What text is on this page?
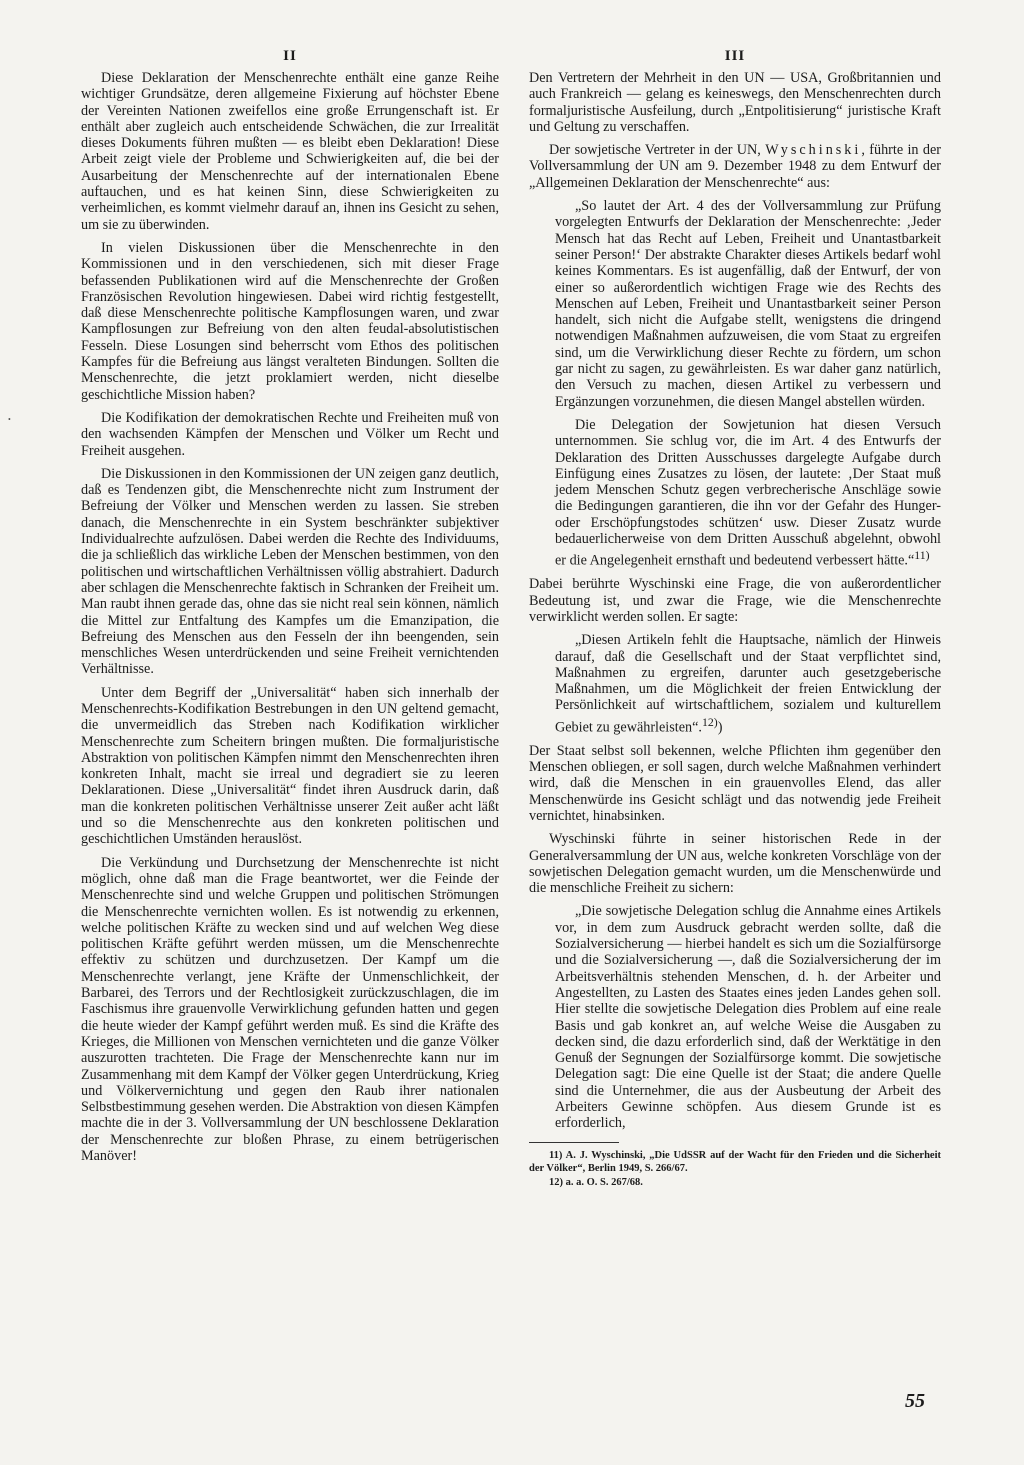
II

Diese Deklaration der Menschenrechte enthält eine ganze Reihe wichtiger Grundsätze, deren allgemeine Fixierung auf höchster Ebene der Vereinten Nationen zweifellos eine große Errungenschaft ist. Er enthält aber zugleich auch entscheidende Schwächen, die zur Irrealität dieses Dokuments führen mußten — es bleibt eben Deklaration! Diese Arbeit zeigt viele der Probleme und Schwierigkeiten auf, die bei der Ausarbeitung der Menschenrechte auf der internationalen Ebene auftauchen, und es hat keinen Sinn, diese Schwierigkeiten zu verheimlichen, es kommt vielmehr darauf an, ihnen ins Gesicht zu sehen, um sie zu überwinden.

In vielen Diskussionen über die Menschenrechte in den Kommissionen und in den verschiedenen, sich mit dieser Frage befassenden Publikationen wird auf die Menschenrechte der Großen Französischen Revolution hingewiesen. Dabei wird richtig festgestellt, daß diese Menschenrechte politische Kampflosungen waren, und zwar Kampflosungen zur Befreiung von den alten feudal-absolutistischen Fesseln. Diese Losungen sind beherrscht vom Ethos des politischen Kampfes für die Befreiung aus längst veralteten Bindungen. Sollten die Menschenrechte, die jetzt proklamiert werden, nicht dieselbe geschichtliche Mission haben?

Die Kodifikation der demokratischen Rechte und Freiheiten muß von den wachsenden Kämpfen der Menschen und Völker um Recht und Freiheit ausgehen.

Die Diskussionen in den Kommissionen der UN zeigen ganz deutlich, daß es Tendenzen gibt, die Menschenrechte nicht zum Instrument der Befreiung der Völker und Menschen werden zu lassen. Sie streben danach, die Menschenrechte in ein System beschränkter subjektiver Individualrechte aufzulösen. Dabei werden die Rechte des Individuums, die ja schließlich das wirkliche Leben der Menschen bestimmen, von den politischen und wirtschaftlichen Verhältnissen völlig abstrahiert. Dadurch aber schlagen die Menschenrechte faktisch in Schranken der Freiheit um. Man raubt ihnen gerade das, ohne das sie nicht real sein können, nämlich die Mittel zur Entfaltung des Kampfes um die Emanzipation, die Befreiung des Menschen aus den Fesseln der ihn beengenden, sein menschliches Wesen unterdrückenden und seine Freiheit vernichtenden Verhältnisse.

Unter dem Begriff der „Universalität“ haben sich innerhalb der Menschenrechts-Kodifikation Bestrebungen in den UN geltend gemacht, die unvermeidlich das Streben nach Kodifikation wirklicher Menschenrechte zum Scheitern bringen mußten. Die formaljuristische Abstraktion von politischen Kämpfen nimmt den Menschenrechten ihren konkreten Inhalt, macht sie irreal und degradiert sie zu leeren Deklarationen. Diese „Universalität“ findet ihren Ausdruck darin, daß man die konkreten politischen Verhältnisse unserer Zeit außer acht läßt und so die Menschenrechte aus den konkreten politischen und geschichtlichen Umständen herauslöst.

Die Verkündung und Durchsetzung der Menschenrechte ist nicht möglich, ohne daß man die Frage beantwortet, wer die Feinde der Menschenrechte sind und welche Gruppen und politischen Strömungen die Menschenrechte vernichten wollen. Es ist notwendig zu erkennen, welche politischen Kräfte zu wecken sind und auf welchen Weg diese politischen Kräfte geführt werden müssen, um die Menschenrechte effektiv zu schützen und durchzusetzen. Der Kampf um die Menschenrechte verlangt, jene Kräfte der Unmenschlichkeit, der Barbarei, des Terrors und der Rechtlosigkeit zurückzuschlagen, die im Faschismus ihre grauenvolle Verwirklichung gefunden hatten und gegen die heute wieder der Kampf geführt werden muß. Es sind die Kräfte des Krieges, die Millionen von Menschen vernichteten und die ganze Völker auszurotten trachteten. Die Frage der Menschenrechte kann nur im Zusammenhang mit dem Kampf der Völker gegen Unterdrückung, Krieg und Völkervernichtung und gegen den Raub ihrer nationalen Selbstbestimmung gesehen werden. Die Abstraktion von diesen Kämpfen machte die in der 3. Vollversammlung der UN beschlossene Deklaration der Menschenrechte zur bloßen Phrase, zu einem betrügerischen Manöver!

III

Den Vertretern der Mehrheit in den UN — USA, Großbritannien und auch Frankreich — gelang es keineswegs, den Menschenrechten durch formaljuristische Ausfeilung, durch „Entpolitisierung“ juristische Kraft und Geltung zu verschaffen.

Der sowjetische Vertreter in der UN, Wyschinski, führte in der Vollversammlung der UN am 9. Dezember 1948 zu dem Entwurf der „Allgemeinen Deklaration der Menschenrechte“ aus:

„So lautet der Art. 4 des der Vollversammlung zur Prüfung vorgelegten Entwurfs der Deklaration der Menschenrechte: ‚Jeder Mensch hat das Recht auf Leben, Freiheit und Unantastbarkeit seiner Person!‘ Der abstrakte Charakter dieses Artikels bedarf wohl keines Kommentars. Es ist augenfällig, daß der Entwurf, der von einer so außerordentlich wichtigen Frage wie des Rechts des Menschen auf Leben, Freiheit und Unantastbarkeit seiner Person handelt, sich nicht die Aufgabe stellt, wenigstens die dringend notwendigen Maßnahmen aufzuweisen, die vom Staat zu ergreifen sind, um die Verwirklichung dieser Rechte zu fördern, um schon gar nicht zu sagen, zu gewährleisten. Es war daher ganz natürlich, den Versuch zu machen, diesen Artikel zu verbessern und Ergänzungen vorzunehmen, die diesen Mangel abstellen würden.

Die Delegation der Sowjetunion hat diesen Versuch unternommen. Sie schlug vor, die im Art. 4 des Entwurfs der Deklaration des Dritten Ausschusses dargelegte Aufgabe durch Einfügung eines Zusatzes zu lösen, der lautete: ‚Der Staat muß jedem Menschen Schutz gegen verbrecherische Anschläge sowie die Bedingungen garantieren, die ihn vor der Gefahr des Hunger- oder Erschöpfungstodes schützen‘ usw. Dieser Zusatz wurde bedauerlicherweise von dem Dritten Ausschuß abgelehnt, obwohl er die Angelegenheit ernsthaft und bedeutend verbessert hätte.“$^{11)}$

Dabei berührte Wyschinski eine Frage, die von außerordentlicher Bedeutung ist, und zwar die Frage, wie die Menschenrechte verwirklicht werden sollen. Er sagte:

„Diesen Artikeln fehlt die Hauptsache, nämlich der Hinweis darauf, daß die Gesellschaft und der Staat verpflichtet sind, Maßnahmen zu ergreifen, darunter auch gesetzgeberische Maßnahmen, um die Möglichkeit der freien Entwicklung der Persönlichkeit auf wirtschaftlichem, sozialem und kulturellem Gebiet zu gewährleisten“.$^{12)}$)

Der Staat selbst soll bekennen, welche Pflichten ihm gegenüber den Menschen obliegen, er soll sagen, durch welche Maßnahmen verhindert wird, daß die Menschen in ein grauenvolles Elend, das aller Menschenwürde ins Gesicht schlägt und das notwendig jede Freiheit vernichtet, hinabsinken.

Wyschinski führte in seiner historischen Rede in der Generalversammlung der UN aus, welche konkreten Vorschläge von der sowjetischen Delegation gemacht wurden, um die Menschenwürde und die menschliche Freiheit zu sichern:

„Die sowjetische Delegation schlug die Annahme eines Artikels vor, in dem zum Ausdruck gebracht werden sollte, daß die Sozialversicherung — hierbei handelt es sich um die Sozialfürsorge und die Sozialversicherung —, daß die Sozialversicherung der im Arbeitsverhältnis stehenden Menschen, d. h. der Arbeiter und Angestellten, zu Lasten des Staates eines jeden Landes gehen soll. Hier stellte die sowjetische Delegation dies Problem auf eine reale Basis und gab konkret an, auf welche Weise die Ausgaben zu decken sind, die dazu erforderlich sind, daß der Werktätige in den Genuß der Segnungen der Sozialfürsorge kommt. Die sowjetische Delegation sagt: Die eine Quelle ist der Staat; die andere Quelle sind die Unternehmer, die aus der Ausbeutung der Arbeit des Arbeiters Gewinne schöpfen. Aus diesem Grunde ist es erforderlich,

11) A. J. Wyschinski, „Die UdSSR auf der Wacht für den Frieden und die Sicherheit der Völker“, Berlin 1949, S. 266/67.

12) a. a. O. S. 267/68.

55
•
